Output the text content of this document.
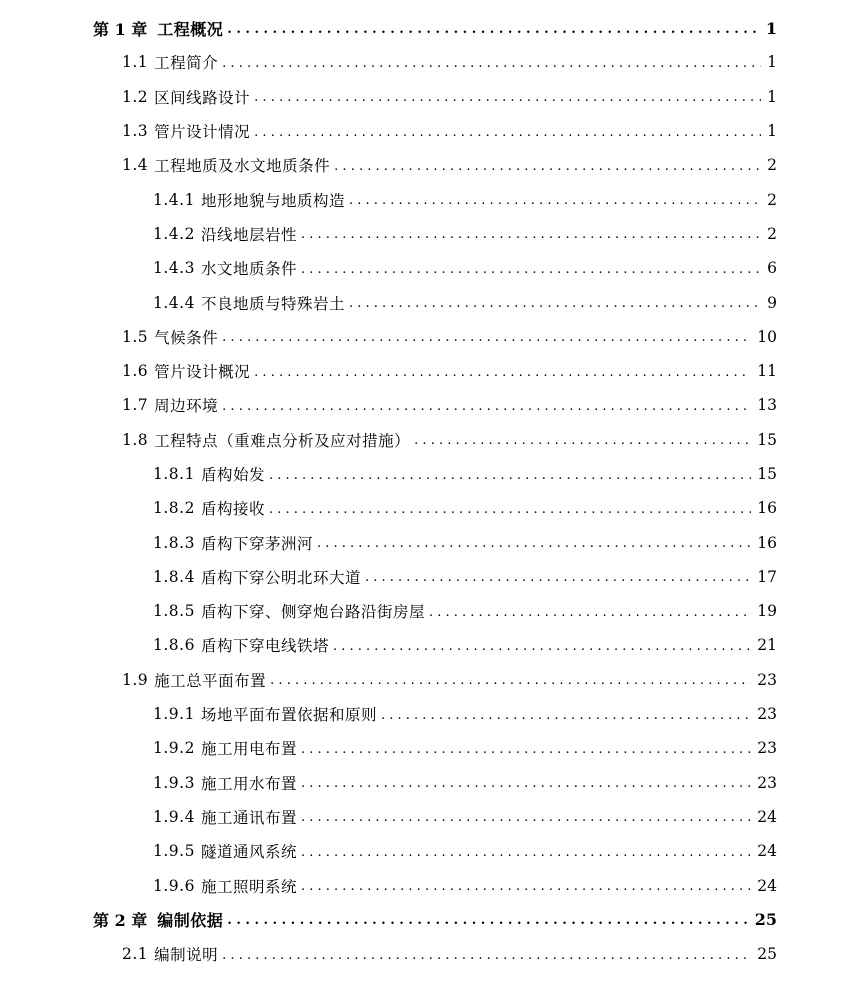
第 1 章 工程概况 . . .	1
1.1 工程简介 . . .	1
1.2 区间线路设计 . . .	1
1.3 管片设计情况 . . .	1
1.4 工程地质及水文地质条件 . . .	2
1.4.1 地形地貌与地质构造 . . .	2
1.4.2 沿线地层岩性 . . .	2
1.4.3 水文地质条件 . . .	6
1.4.4 不良地质与特殊岩土 . . .	9
1.5 气候条件 . . .	10
1.6 管片设计概况 . . .	11
1.7 周边环境 . . .	13
1.8 工程特点（重难点分析及应对措施） . . .	15
1.8.1 盾构始发 . . .	15
1.8.2 盾构接收 . . .	16
1.8.3 盾构下穿茅洲河 . . .	16
1.8.4 盾构下穿公明北环大道 . . .	17
1.8.5 盾构下穿、侧穿炮台路沿街房屋 . . .	19
1.8.6 盾构下穿电线铁塔 . . .	21
1.9 施工总平面布置 . . .	23
1.9.1 场地平面布置依据和原则 . . .	23
1.9.2 施工用电布置 . . .	23
1.9.3 施工用水布置 . . .	23
1.9.4 施工通讯布置 . . .	24
1.9.5 隧道通风系统 . . .	24
1.9.6 施工照明系统 . . .	24
第 2 章 编制依据 . . .	25
2.1 编制说明 . . .	25
